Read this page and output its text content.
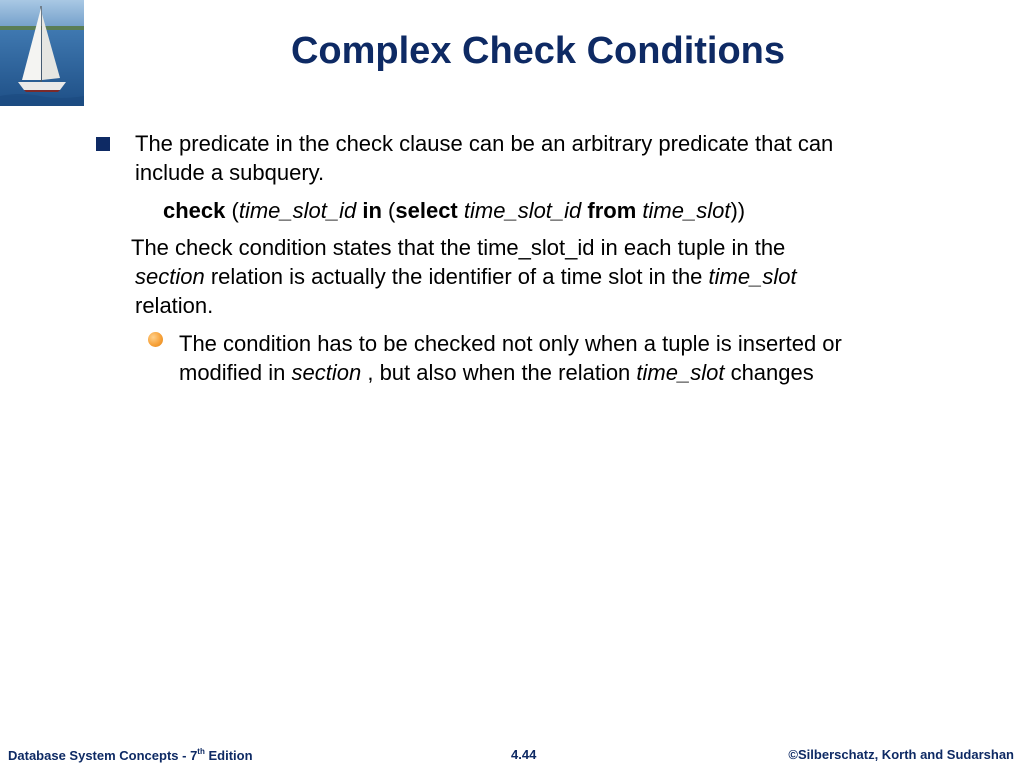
Complex Check Conditions
The predicate in the check clause can be an arbitrary predicate that can
include a subquery.
check (time_slot_id in (select time_slot_id from time_slot))
The check condition states that the time_slot_id in each tuple in the
section relation is actually the identifier of a time slot in the time_slot
relation.
The condition has to be checked not only when a tuple is inserted or
modified in section , but also when the relation time_slot changes
Database System Concepts - 7th Edition	4.44	©Silberschatz, Korth and Sudarshan
